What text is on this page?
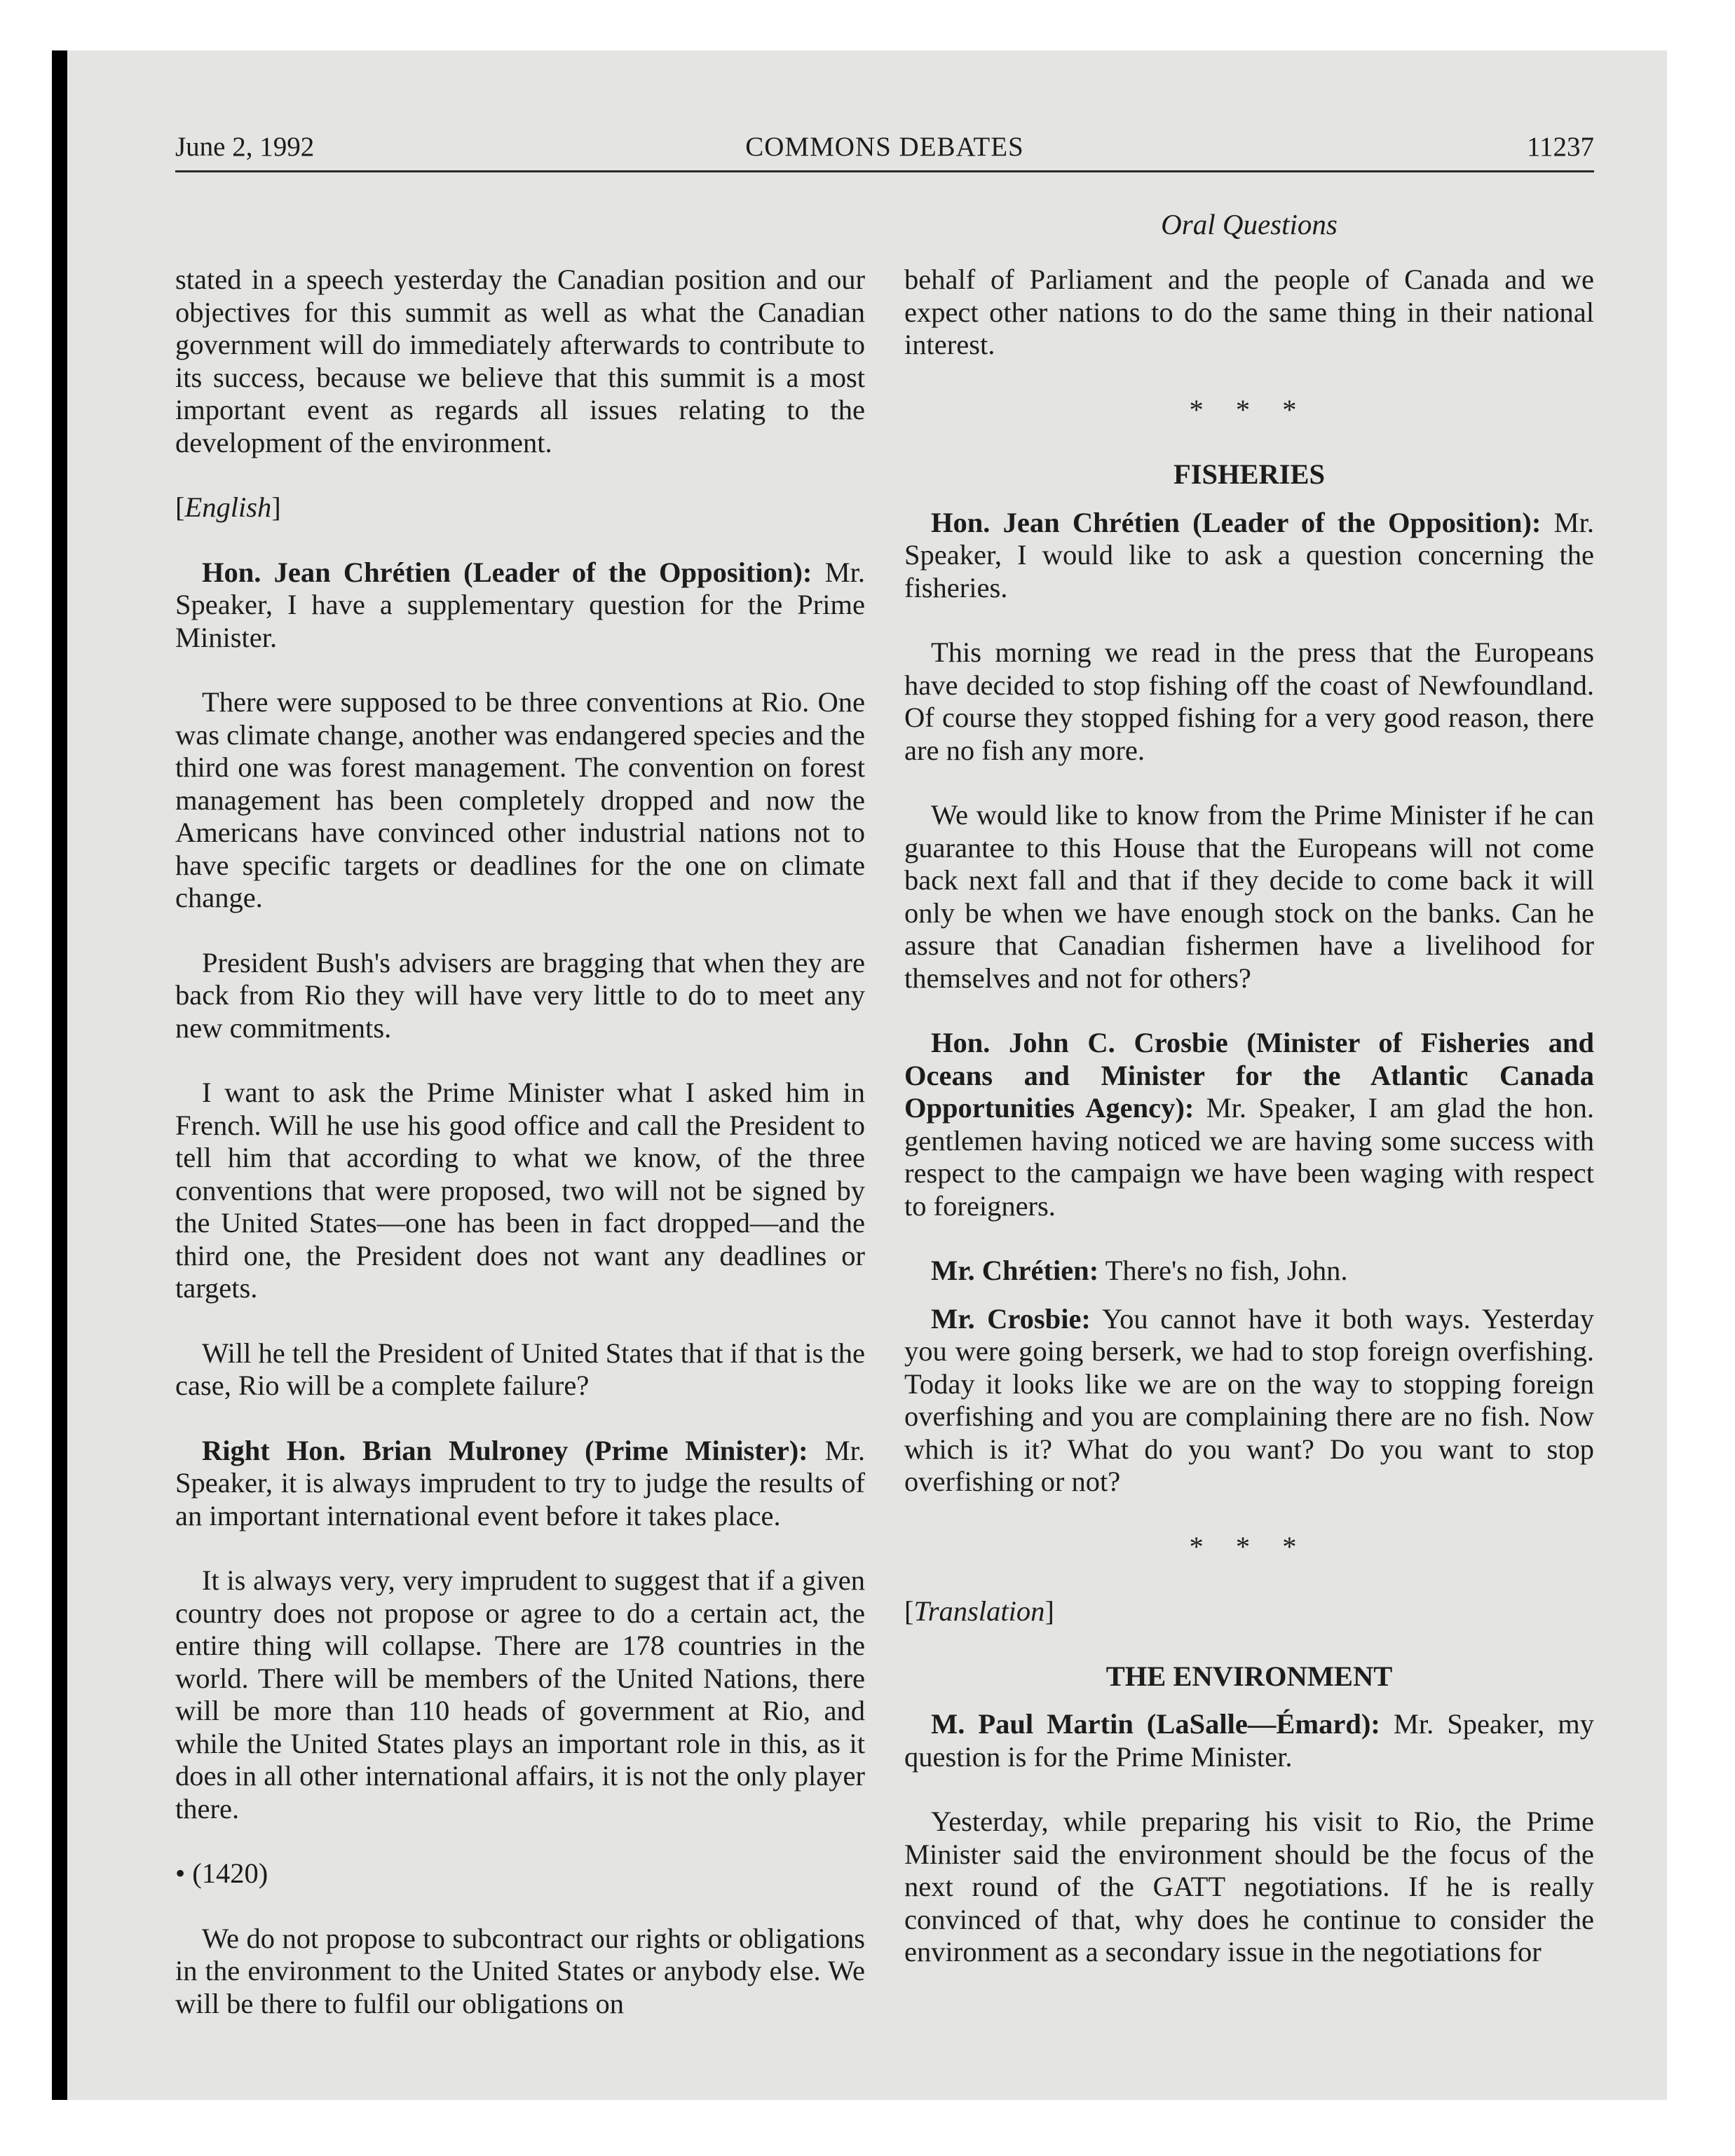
June 2, 1992	COMMONS DEBATES	11237
Oral Questions

stated in a speech yesterday the Canadian position and our objectives for this summit as well as what the Canadian government will do immediately afterwards to contribute to its success, because we believe that this summit is a most important event as regards all issues relating to the development of the environment.

[English]

Hon. Jean Chrétien (Leader of the Opposition): Mr. Speaker, I have a supplementary question for the Prime Minister.

There were supposed to be three conventions at Rio. One was climate change, another was endangered species and the third one was forest management. The convention on forest management has been completely dropped and now the Americans have convinced other industrial nations not to have specific targets or deadlines for the one on climate change.

President Bush's advisers are bragging that when they are back from Rio they will have very little to do to meet any new commitments.

I want to ask the Prime Minister what I asked him in French. Will he use his good office and call the President to tell him that according to what we know, of the three conventions that were proposed, two will not be signed by the United States—one has been in fact dropped—and the third one, the President does not want any deadlines or targets.

Will he tell the President of United States that if that is the case, Rio will be a complete failure?

Right Hon. Brian Mulroney (Prime Minister): Mr. Speaker, it is always imprudent to try to judge the results of an important international event before it takes place.

It is always very, very imprudent to suggest that if a given country does not propose or agree to do a certain act, the entire thing will collapse. There are 178 countries in the world. There will be members of the United Nations, there will be more than 110 heads of government at Rio, and while the United States plays an important role in this, as it does in all other international affairs, it is not the only player there.

• (1420)

We do not propose to subcontract our rights or obligations in the environment to the United States or anybody else. We will be there to fulfil our obligations on

behalf of Parliament and the people of Canada and we expect other nations to do the same thing in their national interest.

* * *
FISHERIES

Hon. Jean Chrétien (Leader of the Opposition): Mr. Speaker, I would like to ask a question concerning the fisheries.

This morning we read in the press that the Europeans have decided to stop fishing off the coast of Newfoundland. Of course they stopped fishing for a very good reason, there are no fish any more.

We would like to know from the Prime Minister if he can guarantee to this House that the Europeans will not come back next fall and that if they decide to come back it will only be when we have enough stock on the banks. Can he assure that Canadian fishermen have a livelihood for themselves and not for others?

Hon. John C. Crosbie (Minister of Fisheries and Oceans and Minister for the Atlantic Canada Opportunities Agency): Mr. Speaker, I am glad the hon. gentlemen having noticed we are having some success with respect to the campaign we have been waging with respect to foreigners.

Mr. Chrétien: There's no fish, John.

Mr. Crosbie: You cannot have it both ways. Yesterday you were going berserk, we had to stop foreign overfishing. Today it looks like we are on the way to stopping foreign overfishing and you are complaining there are no fish. Now which is it? What do you want? Do you want to stop overfishing or not?

* * *

[Translation]

THE ENVIRONMENT

M. Paul Martin (LaSalle—Émard): Mr. Speaker, my question is for the Prime Minister.

Yesterday, while preparing his visit to Rio, the Prime Minister said the environment should be the focus of the next round of the GATT negotiations. If he is really convinced of that, why does he continue to consider the environment as a secondary issue in the negotiations for
